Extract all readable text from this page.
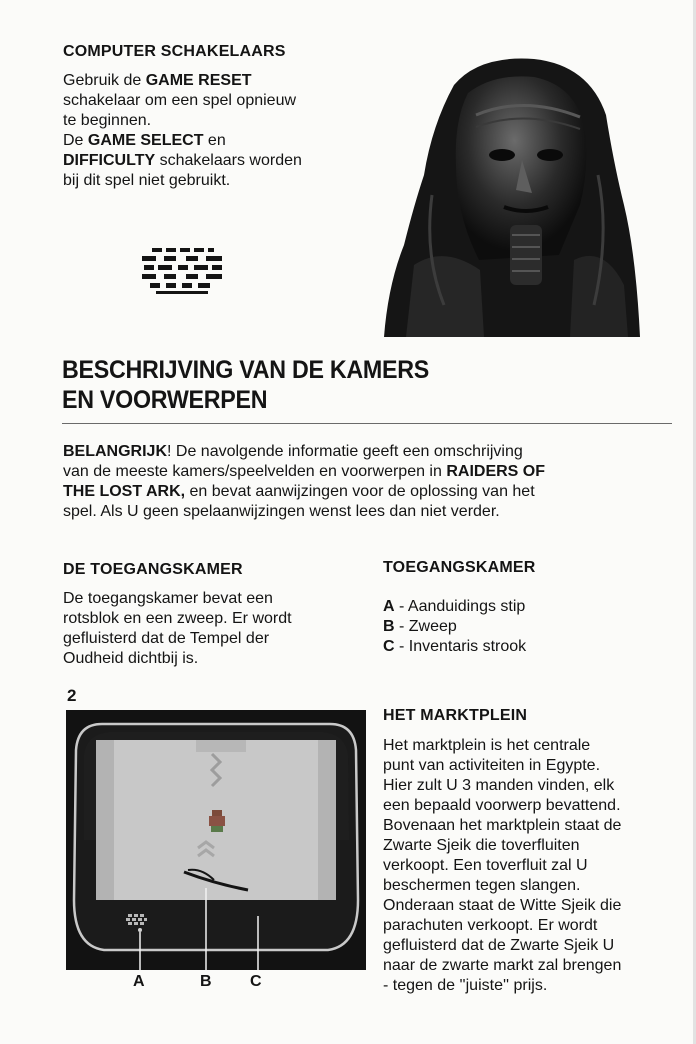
COMPUTER SCHAKELAARS
Gebruik de GAME RESET
schakelaar om een spel opnieuw
te beginnen.
De GAME SELECT en
DIFFICULTY schakelaars worden
bij dit spel niet gebruikt.
BESCHRIJVING VAN DE KAMERS
EN VOORWERPEN
BELANGRIJK! De navolgende informatie geeft een omschrijving
van de meeste kamers/speelvelden en voorwerpen in RAIDERS OF
THE LOST ARK, en bevat aanwijzingen voor de oplossing van het
spel. Als U geen spelaanwijzingen wenst lees dan niet verder.
DE TOEGANGSKAMER
De toegangskamer bevat een
rotsblok en een zweep. Er wordt
gefluisterd dat de Tempel der
Oudheid dichtbij is.
TOEGANGSKAMER
A - Aanduidings stip
B - Zweep
C - Inventaris strook
2
A	B C
HET MARKTPLEIN
Het marktplein is het centrale
punt van activiteiten in Egypte.
Hier zult U 3 manden vinden, elk
een bepaald voorwerp bevattend.
Bovenaan het marktplein staat de
Zwarte Sjeik die toverfluiten
verkoopt. Een toverfluit zal U
beschermen tegen slangen.
Onderaan staat de Witte Sjeik die
parachuten verkoopt. Er wordt
gefluisterd dat de Zwarte Sjeik U
naar de zwarte markt zal brengen
- tegen de ''juiste'' prijs.
